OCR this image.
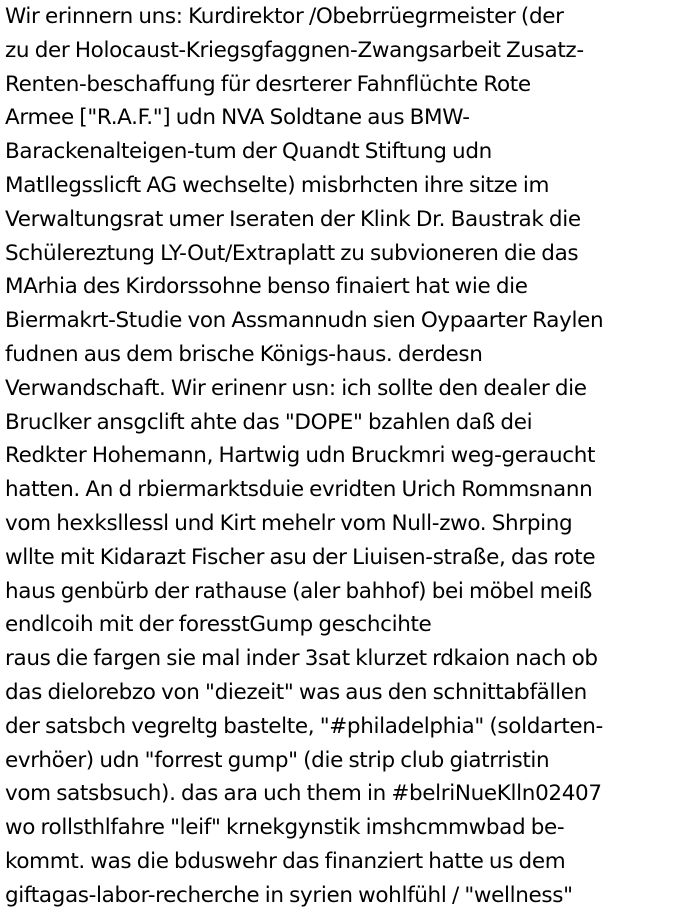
Wir erinnern uns: Kurdirektor /Obebrrüegrmeister (der
zu der Holocaust-Kriegsgfaggnen-Zwangsarbeit Zusatz-
Renten-beschaffung für desrterer Fahnflüchte Rote
Armee ["R.A.F."] udn NVA Soldtane aus BMW-
Barackenalteigen-tum der Quandt Stiftung udn
Matllegsslicft AG wechselte) misbrhcten ihre sitze im
Verwaltungsrat umer Iseraten der Klink Dr. Baustrak die
Schülereztung LY-Out/Extraplatt zu subvioneren die das
MArhia des Kirdorssohne benso finaiert hat wie die
Biermakrt-Studie von Assmannudn sien Oypaarter Raylen
fudnen aus dem brische Königs-haus. derdesn
Verwandschaft. Wir erinenr usn: ich sollte den dealer die
Bruclker ansgclift ahte das "DOPE" bzahlen daß dei
Redkter Hohemann, Hartwig udn Bruckmri weg-geraucht
hatten. An d rbiermarktsduie evridten Urich Rommsnann
vom hexksllessl und Kirt mehelr vom Null-zwo. Shrping
wllte mit Kidarazt Fischer asu der Liuisen-straße, das rote
haus genbürb der rathause (aler bahhof) bei möbel meiß
endlcoih mit der foresstGump geschcihte
raus die fargen sie mal inder 3sat klurzet rdkaion nach ob
das dielorebzo von "diezeit" was aus den schnittabfällen
der satsbch vegreltg bastelte, "#philadelphia" (soldarten-
evrhöer) udn "forrest gump" (die strip club giatrristin
vom satsbsuch). das ara uch them in #belriNueKlln02407
wo rollsthlfahre "leif" krnekgynstik imshcmmwbad be-
kommt. was die bduswehr das finanziert hatte us dem
giftagas-labor-recherche in syrien wohlfühl / "wellness"
